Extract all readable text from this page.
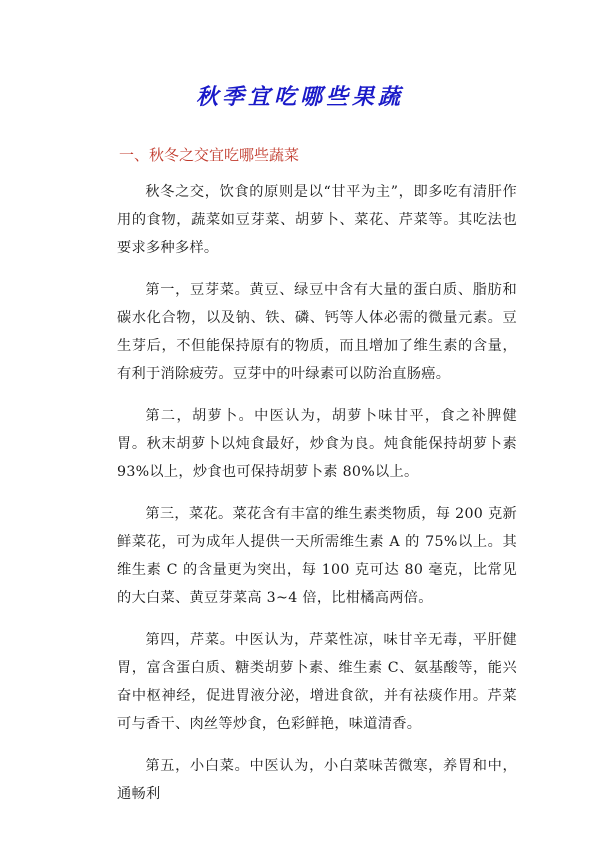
秋季宜吃哪些果蔬
一、秋冬之交宜吃哪些蔬菜

秋冬之交，饮食的原则是以“甘平为主”，即多吃有清肝作用的食物，蔬菜如豆芽菜、胡萝卜、菜花、芹菜等。其吃法也要求多种多样。

第一，豆芽菜。黄豆、绿豆中含有大量的蛋白质、脂肪和碳水化合物，以及钠、铁、磷、钙等人体必需的微量元素。豆生芽后，不但能保持原有的物质，而且增加了维生素的含量，有利于消除疲劳。豆芽中的叶绿素可以防治直肠癌。

第二，胡萝卜。中医认为，胡萝卜味甘平，食之补脾健胃。秋末胡萝卜以炖食最好，炒食为良。炖食能保持胡萝卜素 93%以上，炒食也可保持胡萝卜素 80%以上。

第三，菜花。菜花含有丰富的维生素类物质，每 200 克新鲜菜花，可为成年人提供一天所需维生素 A 的 75%以上。其维生素 C 的含量更为突出，每 100 克可达 80 毫克，比常见的大白菜、黄豆芽菜高 3~4 倍，比柑橘高两倍。

第四，芹菜。中医认为，芹菜性凉，味甘辛无毒，平肝健胃，富含蛋白质、糖类胡萝卜素、维生素 C、氨基酸等，能兴奋中枢神经，促进胃液分泌，增进食欲，并有祛痰作用。芹菜可与香干、肉丝等炒食，色彩鲜艳，味道清香。

第五，小白菜。中医认为，小白菜味苦微寒，养胃和中，通畅利
